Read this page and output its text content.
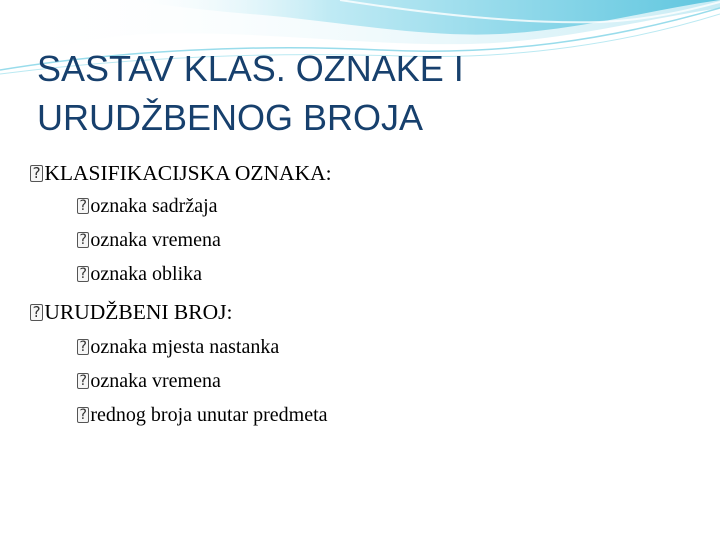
SASTAV KLAS. OZNAKE I
URUDŽBENOG BROJA
?KLASIFIKACIJSKA OZNAKA:
?oznaka sadržaja
?oznaka vremena
?oznaka oblika
?URUDŽBENI BROJ:
?oznaka mjesta nastanka
?oznaka vremena
?rednog broja unutar predmeta
